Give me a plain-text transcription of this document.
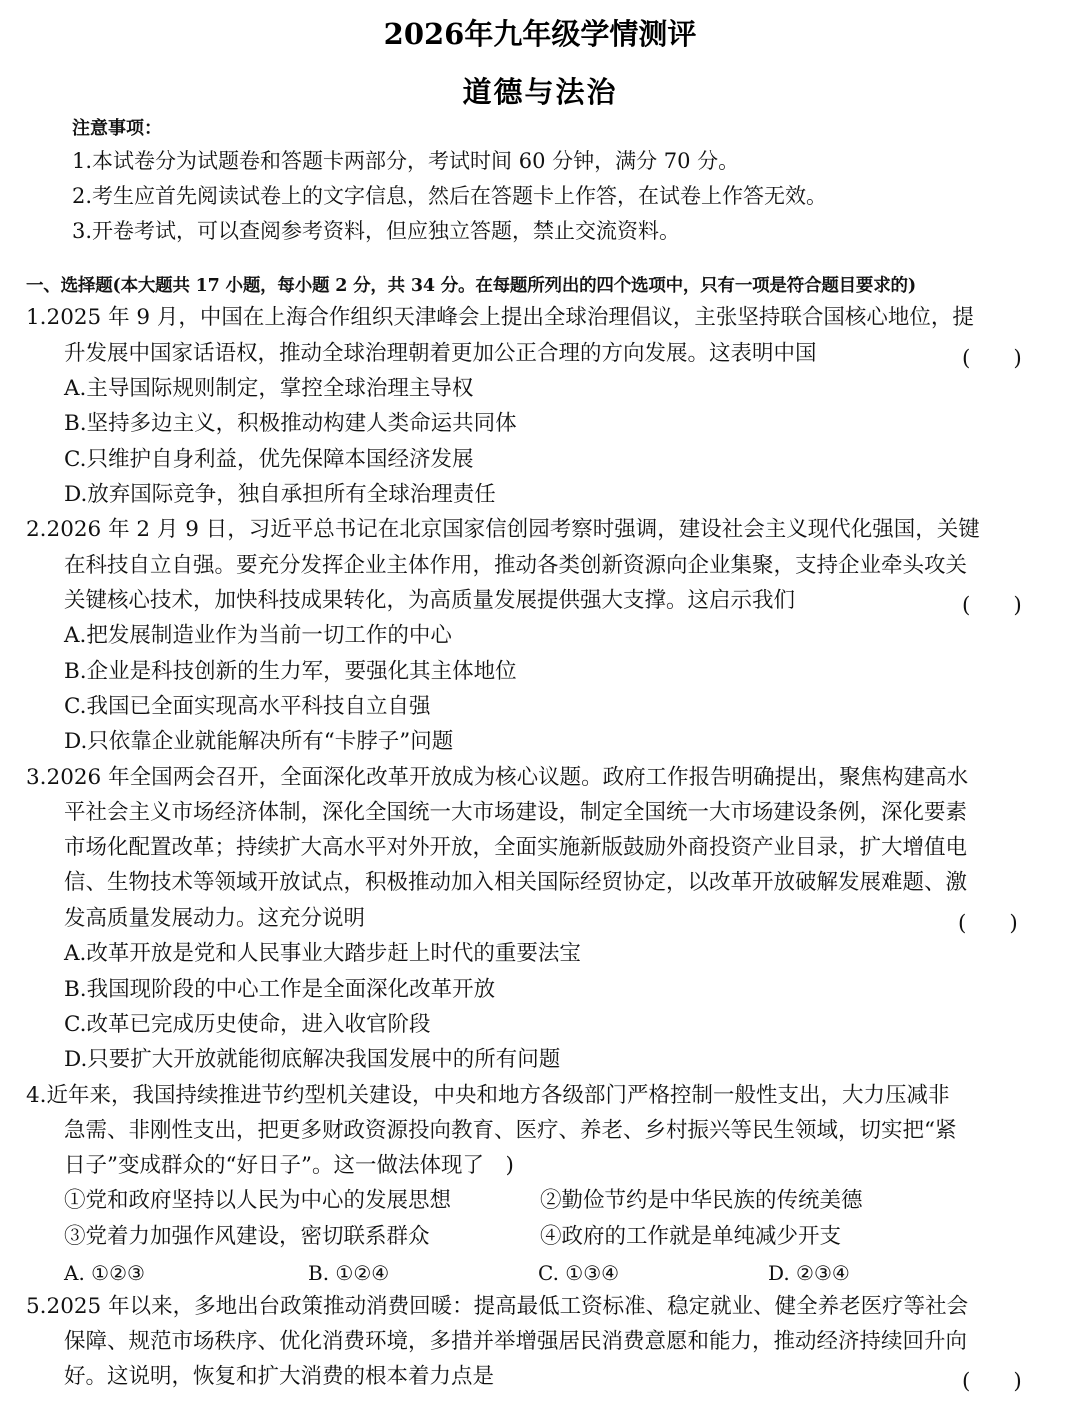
2026年九年级学情测评
道德与法治
注意事项：
1.本试卷分为试题卷和答题卡两部分，考试时间 60 分钟，满分 70 分。
2.考生应首先阅读试卷上的文字信息，然后在答题卡上作答，在试卷上作答无效。
3.开卷考试，可以查阅参考资料，但应独立答题，禁止交流资料。
一、选择题(本大题共 17 小题，每小题 2 分，共 34 分。在每题所列出的四个选项中，只有一项是符合题目要求的)
1.2025 年 9 月，中国在上海合作组织天津峰会上提出全球治理倡议，主张坚持联合国核心地位，提
升发展中国家话语权，推动全球治理朝着更加公正合理的方向发展。这表明中国	(　　)
A.主导国际规则制定，掌控全球治理主导权
B.坚持多边主义，积极推动构建人类命运共同体
C.只维护自身利益，优先保障本国经济发展
D.放弃国际竞争，独自承担所有全球治理责任
2.2026 年 2 月 9 日，习近平总书记在北京国家信创园考察时强调，建设社会主义现代化强国，关键
在科技自立自强。要充分发挥企业主体作用，推动各类创新资源向企业集聚，支持企业牵头攻关
关键核心技术，加快科技成果转化，为高质量发展提供强大支撑。这启示我们	(　　)
A.把发展制造业作为当前一切工作的中心
B.企业是科技创新的生力军，要强化其主体地位
C.我国已全面实现高水平科技自立自强
D.只依靠企业就能解决所有“卡脖子”问题
3.2026 年全国两会召开，全面深化改革开放成为核心议题。政府工作报告明确提出，聚焦构建高水
平社会主义市场经济体制，深化全国统一大市场建设，制定全国统一大市场建设条例，深化要素
市场化配置改革；持续扩大高水平对外开放，全面实施新版鼓励外商投资产业目录，扩大增值电
信、生物技术等领域开放试点，积极推动加入相关国际经贸协定，以改革开放破解发展难题、激
发高质量发展动力。这充分说明	(　　)
A.改革开放是党和人民事业大踏步赶上时代的重要法宝
B.我国现阶段的中心工作是全面深化改革开放
C.改革已完成历史使命，进入收官阶段
D.只要扩大开放就能彻底解决我国发展中的所有问题
4.近年来，我国持续推进节约型机关建设，中央和地方各级部门严格控制一般性支出，大力压减非
急需、非刚性支出，把更多财政资源投向教育、医疗、养老、乡村振兴等民生领域，切实把“紧
日子”变成群众的“好日子”。这一做法体现了　)
①党和政府坚持以人民为中心的发展思想	②勤俭节约是中华民族的传统美德
③党着力加强作风建设，密切联系群众	④政府的工作就是单纯减少开支
A. ①②③	B. ①②④	C. ①③④	D. ②③④
5.2025 年以来，多地出台政策推动消费回暖：提高最低工资标准、稳定就业、健全养老医疗等社会
保障、规范市场秩序、优化消费环境，多措并举增强居民消费意愿和能力，推动经济持续回升向
好。这说明，恢复和扩大消费的根本着力点是	(　　)
